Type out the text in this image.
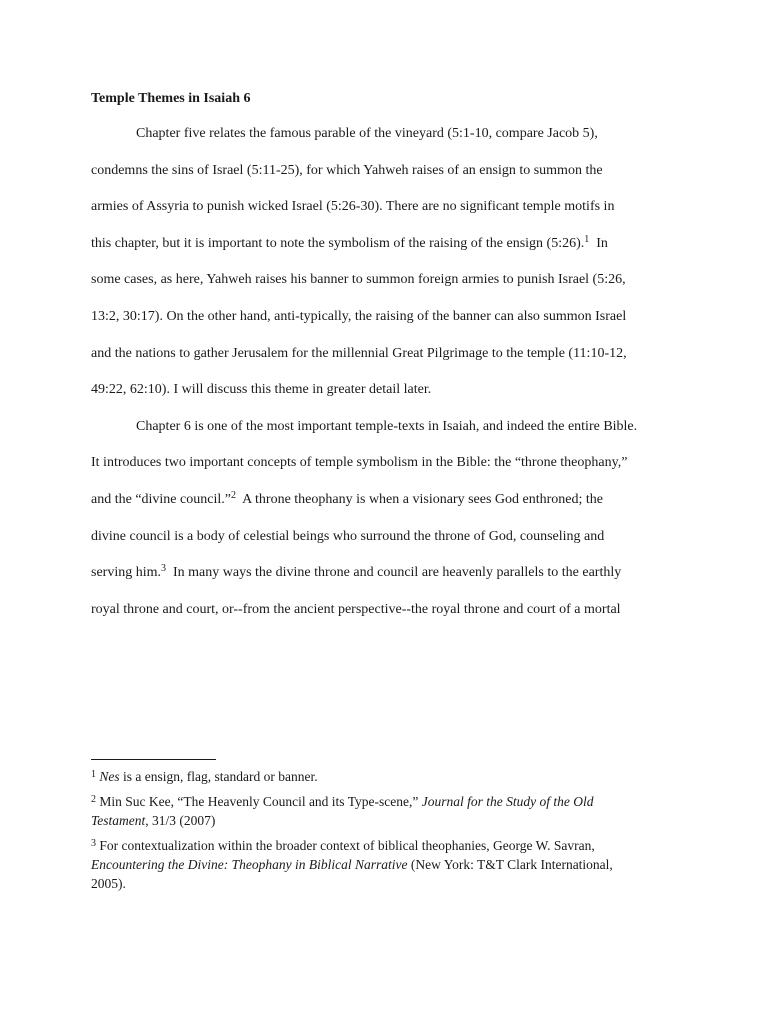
Temple Themes in Isaiah 6
Chapter five relates the famous parable of the vineyard (5:1-10, compare Jacob 5),
condemns the sins of Israel (5:11-25), for which Yahweh raises of an ensign to summon the
armies of Assyria to punish wicked Israel (5:26-30). There are no significant temple motifs in
this chapter, but it is important to note the symbolism of the raising of the ensign (5:26).$^1$  In
some cases, as here, Yahweh raises his banner to summon foreign armies to punish Israel (5:26,
13:2, 30:17). On the other hand, anti-typically, the raising of the banner can also summon Israel
and the nations to gather Jerusalem for the millennial Great Pilgrimage to the temple (11:10-12,
49:22, 62:10). I will discuss this theme in greater detail later.
Chapter 6 is one of the most important temple-texts in Isaiah, and indeed the entire Bible.
It introduces two important concepts of temple symbolism in the Bible: the “throne theophany,”
and the “divine council.”$^2$  A throne theophany is when a visionary sees God enthroned; the
divine council is a body of celestial beings who surround the throne of God, counseling and
serving him.$^3$  In many ways the divine throne and council are heavenly parallels to the earthly
royal throne and court, or--from the ancient perspective--the royal throne and court of a mortal
$^1$ Nes is a ensign, flag, standard or banner.
$^2$ Min Suc Kee, “The Heavenly Council and its Type-scene,” Journal for the Study of the Old
Testament, 31/3 (2007)
$^3$ For contextualization within the broader context of biblical theophanies, George W. Savran,
Encountering the Divine: Theophany in Biblical Narrative (New York: T&T Clark International,
2005).
